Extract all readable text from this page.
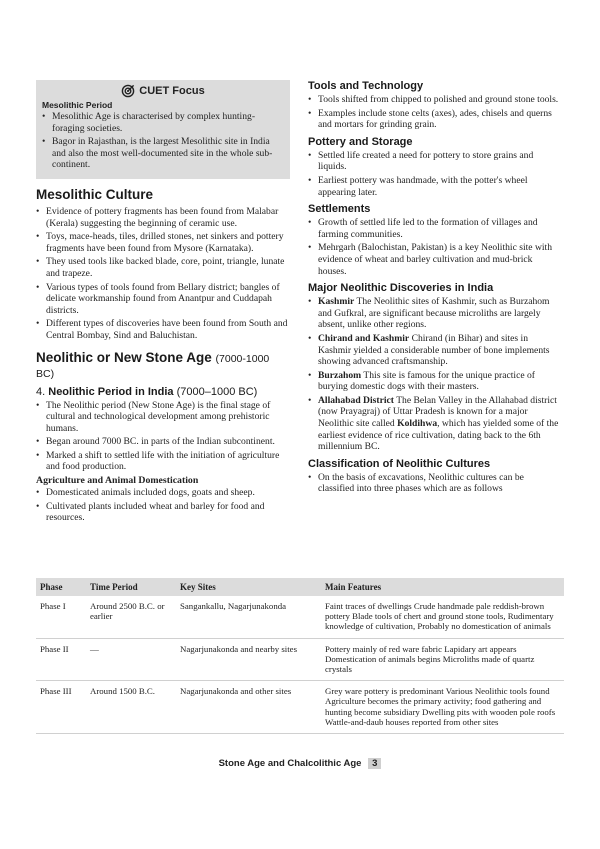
CUET Focus
Mesolithic Period
• Mesolithic Age is characterised by complex hunting-foraging societies.
• Bagor in Rajasthan, is the largest Mesolithic site in India and also the most well-documented site in the whole sub-continent.
Mesolithic Culture
• Evidence of pottery fragments has been found from Malabar (Kerala) suggesting the beginning of ceramic use.
• Toys, mace-heads, tiles, drilled stones, net sinkers and pottery fragments have been found from Mysore (Karnataka).
• They used tools like backed blade, core, point, triangle, lunate and trapeze.
• Various types of tools found from Bellary district; bangles of delicate workmanship found from Anantpur and Cuddapah districts.
• Different types of discoveries have been found from South and Central Bombay, Sind and Baluchistan.
Neolithic or New Stone Age (7000-1000 BC)
4. Neolithic Period in India (7000–1000 BC)
• The Neolithic period (New Stone Age) is the final stage of cultural and technological development among prehistoric humans.
• Began around 7000 BC. in parts of the Indian subcontinent.
• Marked a shift to settled life with the initiation of agriculture and food production.
Agriculture and Animal Domestication
• Domesticated animals included dogs, goats and sheep.
• Cultivated plants included wheat and barley for food and resources.
Tools and Technology
• Tools shifted from chipped to polished and ground stone tools.
• Examples include stone celts (axes), ades, chisels and querns and mortars for grinding grain.
Pottery and Storage
• Settled life created a need for pottery to store grains and liquids.
• Earliest pottery was handmade, with the potter's wheel appearing later.
Settlements
• Growth of settled life led to the formation of villages and farming communities.
• Mehrgarh (Balochistan, Pakistan) is a key Neolithic site with evidence of wheat and barley cultivation and mud-brick houses.
Major Neolithic Discoveries in India
• Kashmir The Neolithic sites of Kashmir, such as Burzahom and Gufkral, are significant because microliths are largely absent, unlike other regions.
• Chirand and Kashmir Chirand (in Bihar) and sites in Kashmir yielded a considerable number of bone implements showing advanced craftsmanship.
• Burzahom This site is famous for the unique practice of burying domestic dogs with their masters.
• Allahabad District The Belan Valley in the Allahabad district (now Prayagraj) of Uttar Pradesh is known for a major Neolithic site called Koldihwa, which has yielded some of the earliest evidence of rice cultivation, dating back to the 6th millennium BC.
Classification of Neolithic Cultures
• On the basis of excavations, Neolithic cultures can be classified into three phases which are as follows
Phase	Time Period	Key Sites	Main Features
Phase I	Around 2500 B.C. or earlier	Sangankallu, Nagarjunakonda	Faint traces of dwellings Crude handmade pale reddish-brown pottery Blade tools of chert and ground stone tools, Rudimentary knowledge of cultivation, Probably no domestication of animals
Phase II	—	Nagarjunakonda and nearby sites	Pottery mainly of red ware fabric Lapidary art appears Domestication of animals begins Microliths made of quartz crystals
Phase III	Around 1500 B.C.	Nagarjunakonda and other sites	Grey ware pottery is predominant Various Neolithic tools found Agriculture becomes the primary activity; food gathering and hunting become subsidiary Dwelling pits with wooden pole roofs Wattle-and-daub houses reported from other sites
Stone Age and Chalcolithic Age 3
